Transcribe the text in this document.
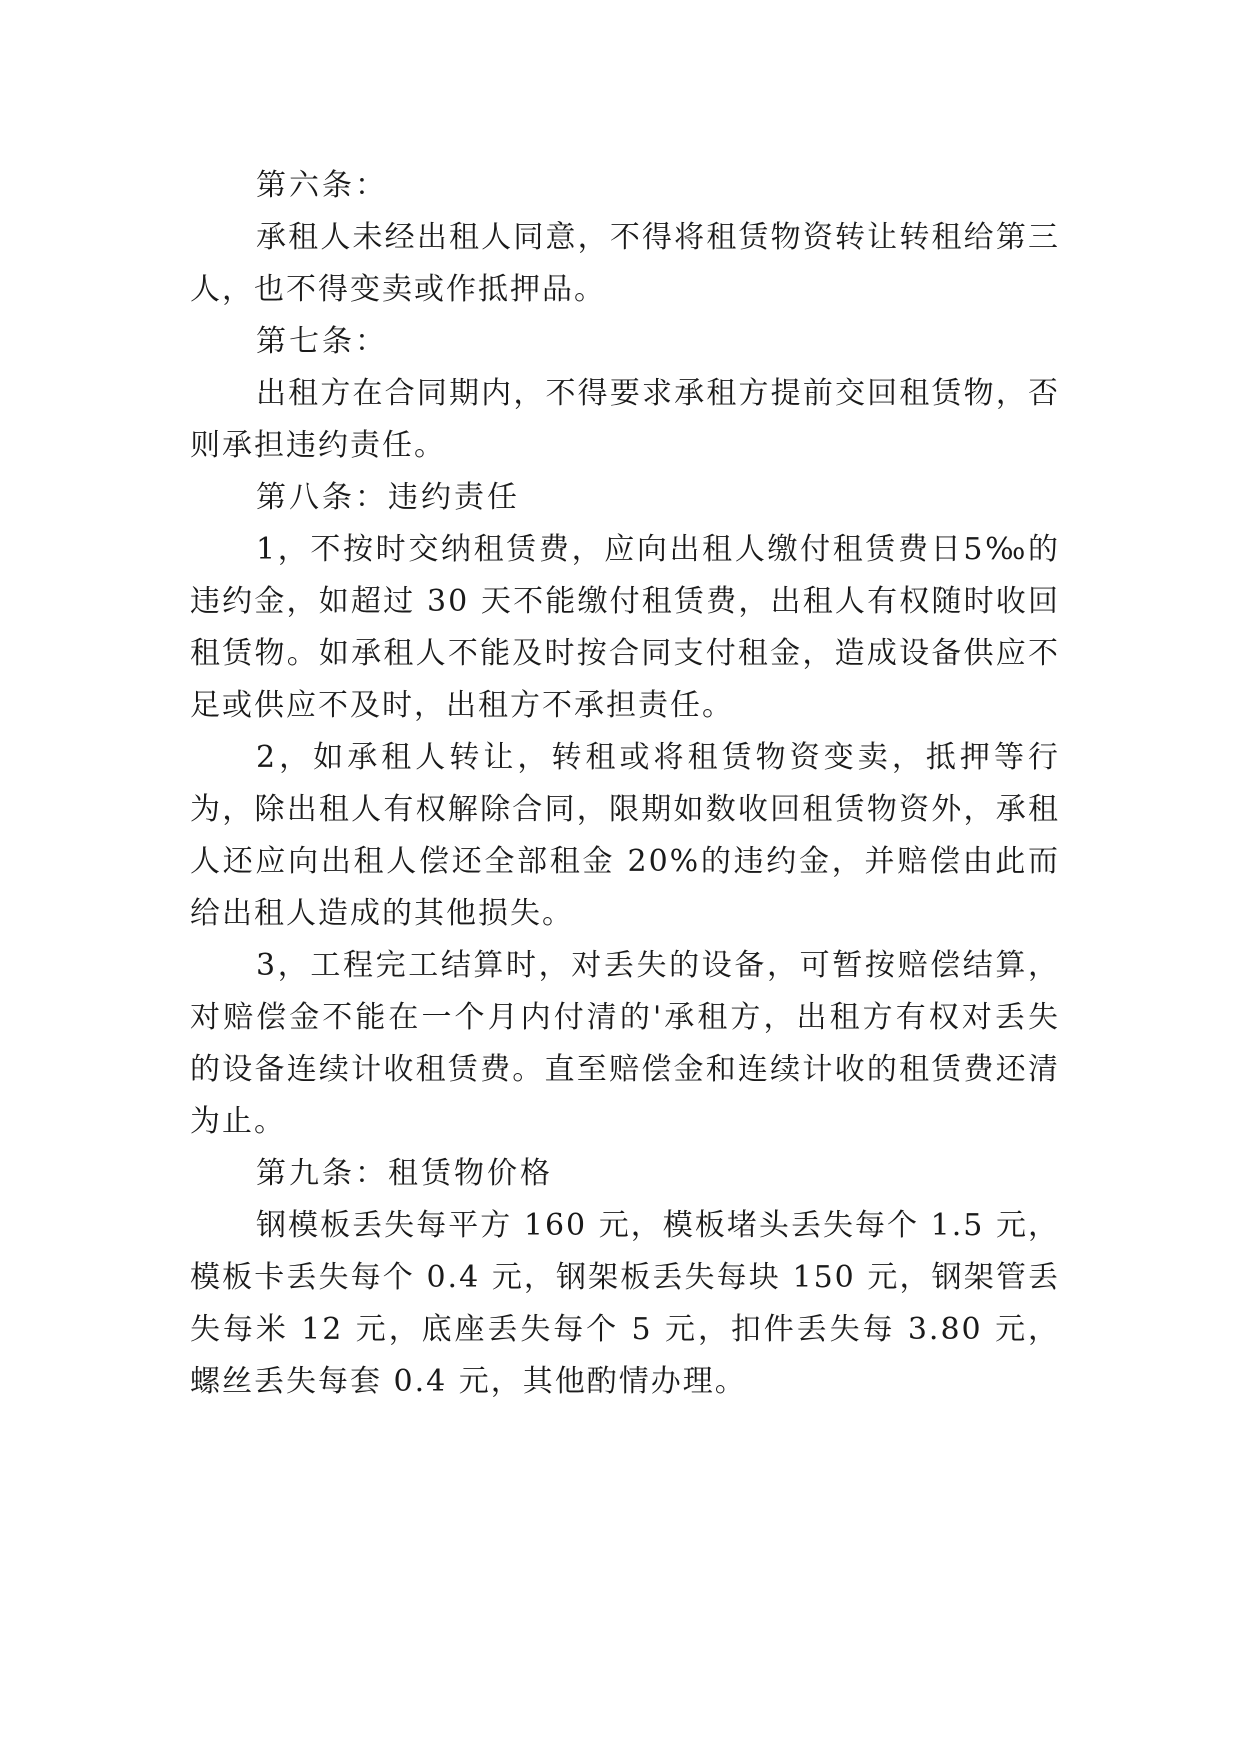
第六条：

承租人未经出租人同意，不得将租赁物资转让转租给第三人，也不得变卖或作抵押品。

第七条：

出租方在合同期内，不得要求承租方提前交回租赁物，否则承担违约责任。

第八条：违约责任

1，不按时交纳租赁费，应向出租人缴付租赁费日5‰的违约金，如超过 30 天不能缴付租赁费，出租人有权随时收回租赁物。如承租人不能及时按合同支付租金，造成设备供应不足或供应不及时，出租方不承担责任。

2，如承租人转让，转租或将租赁物资变卖，抵押等行为，除出租人有权解除合同，限期如数收回租赁物资外，承租人还应向出租人偿还全部租金 20%的违约金，并赔偿由此而给出租人造成的其他损失。

3，工程完工结算时，对丢失的设备，可暂按赔偿结算，对赔偿金不能在一个月内付清的'承租方，出租方有权对丢失的设备连续计收租赁费。直至赔偿金和连续计收的租赁费还清为止。

第九条：租赁物价格

钢模板丢失每平方 160 元，模板堵头丢失每个 1.5 元，模板卡丢失每个 0.4 元，钢架板丢失每块 150 元，钢架管丢失每米 12 元，底座丢失每个 5 元，扣件丢失每 3.80 元，螺丝丢失每套 0.4 元，其他酌情办理。
